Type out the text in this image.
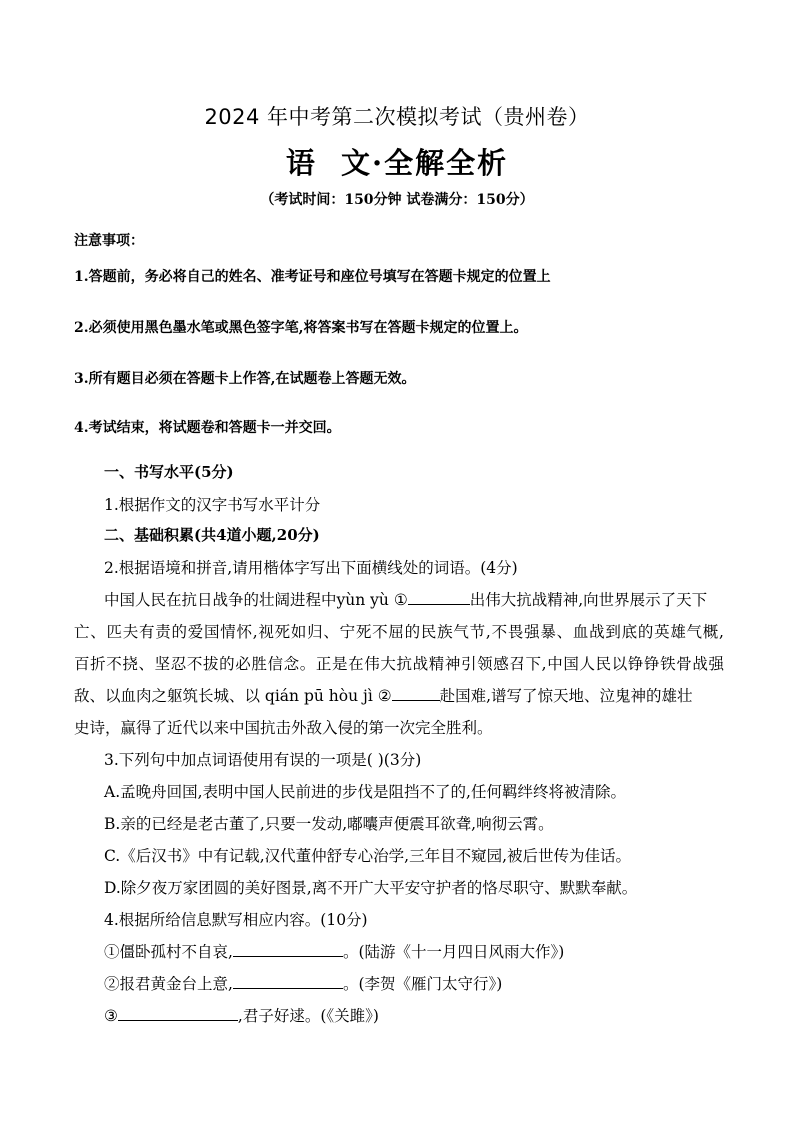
2024 年中考第二次模拟考试（贵州卷）
语  文·全解全析
（考试时间：150分钟 试卷满分：150分）
注意事项：
1.答题前，务必将自己的姓名、准考证号和座位号填写在答题卡规定的位置上
2.必须使用黑色墨水笔或黑色签字笔,将答案书写在答题卡规定的位置上。
3.所有题目必须在答题卡上作答,在试题卷上答题无效。
4.考试结束，将试题卷和答题卡一并交回。
一、书写水平(5分)
1.根据作文的汉字书写水平计分
二、基础积累(共4道小题,20分)
2.根据语境和拼音,请用楷体字写出下面横线处的词语。(4分)
中国人民在抗日战争的壮阔进程中yùn yù ①	出伟大抗战精神,向世界展示了天下
亡、匹夫有责的爱国情怀,视死如归、宁死不屈的民族气节,不畏强暴、血战到底的英雄气概,
百折不挠、坚忍不拔的必胜信念。正是在伟大抗战精神引领感召下,中国人民以铮铮铁骨战强
敌、以血肉之躯筑长城、以 qián pū hòu jì ②	赴国难,谱写了惊天地、泣鬼神的雄壮
史诗，赢得了近代以来中国抗击外敌入侵的第一次完全胜利。
3.下列句中加点词语使用有误的一项是( )(3分)
A.孟晚舟回国,表明中国人民前进的步伐是阻挡不了的,任何羁绊终将被清除。
B.亲的已经是老古董了,只要一发动,嘟囔声便震耳欲聋,响彻云霄。
C.《后汉书》中有记载,汉代董仲舒专心治学,三年目不窥园,被后世传为佳话。
D.除夕夜万家团圆的美好图景,离不开广大平安守护者的恪尽职守、默默奉献。
4.根据所给信息默写相应内容。(10分)
①僵卧孤村不自哀,	。(陆游《十一月四日风雨大作》)
②报君黄金台上意,	。(李贺《雁门太守行》)
③	,君子好逑。(《关雎》)
